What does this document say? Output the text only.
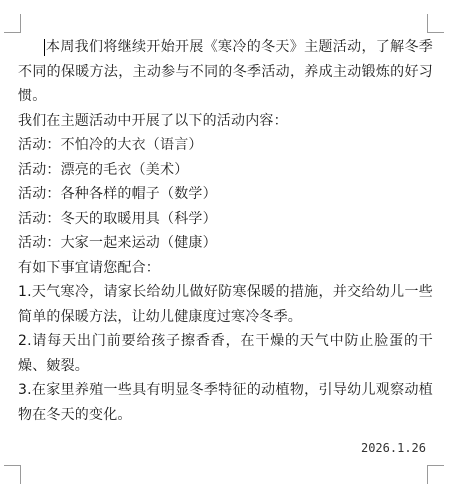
本周我们将继续开始开展《寒冷的冬天》主题活动，了解冬季不同的保暖方法，主动参与不同的冬季活动，养成主动锻炼的好习惯。

我们在主题活动中开展了以下的活动内容：

活动：不怕冷的大衣（语言）

活动：漂亮的毛衣（美术）

活动：各种各样的帽子（数学）

活动：冬天的取暖用具（科学）

活动：大家一起来运动（健康）

有如下事宜请您配合：

1.天气寒冷，请家长给幼儿做好防寒保暖的措施，并交给幼儿一些简单的保暖方法，让幼儿健康度过寒冷冬季。

2.请每天出门前要给孩子擦香香，在干燥的天气中防止脸蛋的干燥、皴裂。

3.在家里养殖一些具有明显冬季特征的动植物，引导幼儿观察动植物在冬天的变化。

2026.1.26
